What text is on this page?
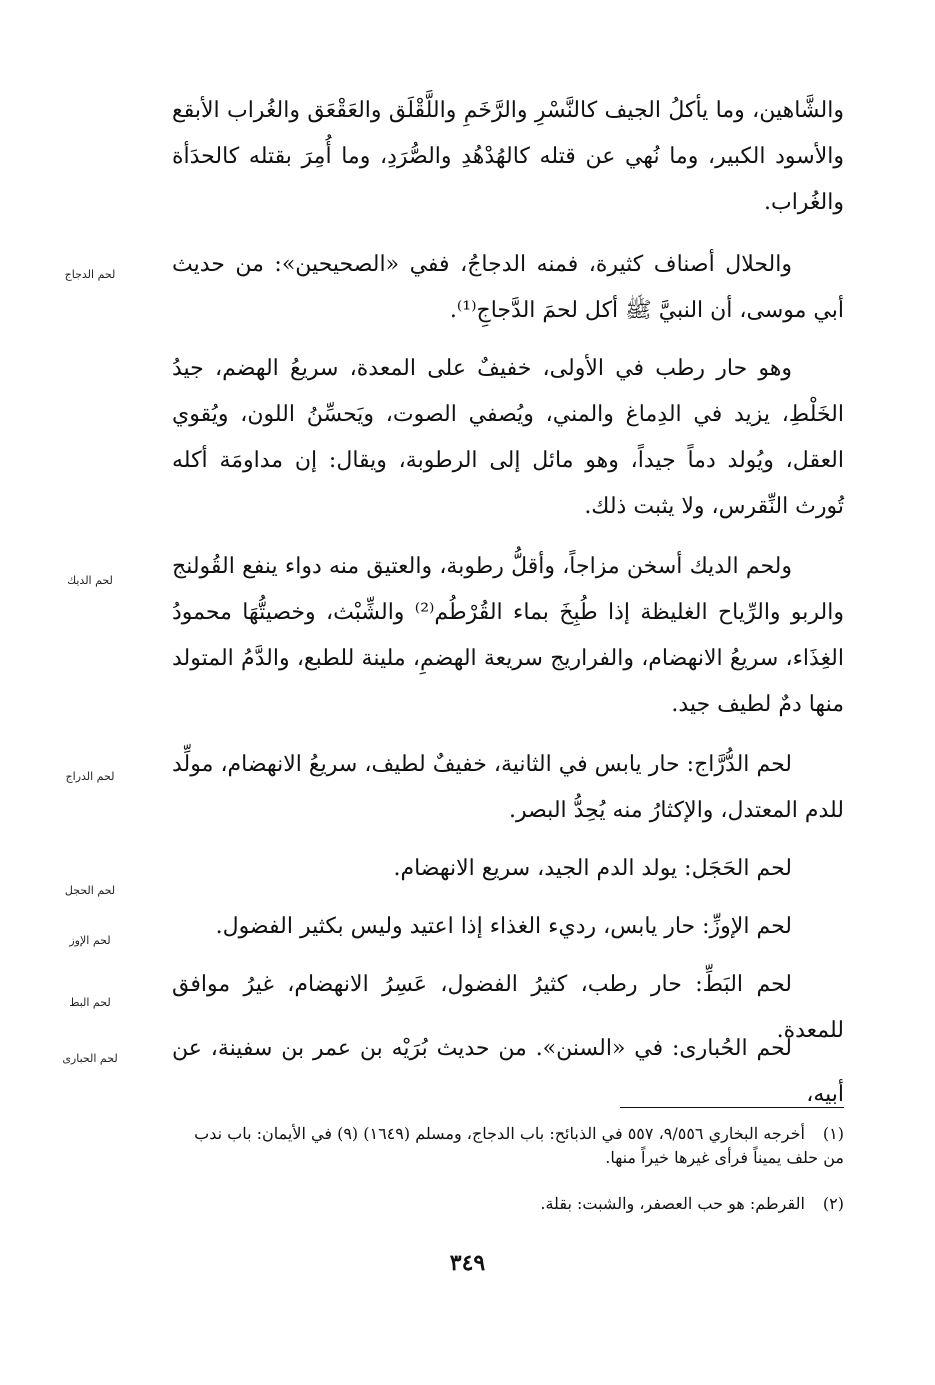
والشَّاهين، وما يأكلُ الجيف كالنَّسْرِ والرَّخَمِ واللَّقْلَق والعَقْعَق والغُراب الأبقع والأسود الكبير، وما نُهي عن قتله كالهُدْهُدِ والصُّرَدِ، وما أُمِرَ بقتله كالحدَأة والغُراب.

والحلال أصناف كثيرة، فمنه الدجاجُ، ففي «الصحيحين»: من حديث أبي موسى، أن النبيَّ ﷺ أكل لحمَ الدَّجاجِ⁽¹⁾.

لحم الدجاج

وهو حار رطب في الأولى، خفيفٌ على المعدة، سريعُ الهضم، جيدُ الخَلْطِ، يزيد في الدِماغ والمني، ويُصفي الصوت، ويَحسِّنُ اللون، ويُقوي العقل، ويُولد دماً جيداً، وهو مائل إلى الرطوبة، ويقال: إن مداومَة أكله تُورث النِّقرس، ولا يثبت ذلك.

ولحم الديك أسخن مزاجاً، وأقلُّ رطوبة، والعتيق منه دواء ينفع القُولنج والربو والرِّياح الغليظة إذا طُبِخَ بماء القُرْطُم⁽²⁾ والشِّبْث، وخصيتُّهَا محمودُ الغِذَاء، سريعُ الانهضام، والفراريج سريعة الهضمِ، ملينة للطبع، والدَّمُ المتولد منها دمٌ لطيف جيد.

لحم الديك

لحم الدُّرَّاج: حار يابس في الثانية، خفيفٌ لطيف، سريعُ الانهضام، مولِّد للدم المعتدل، والإكثارُ منه يُحِدُّ البصر.

لحم الدراج

لحم الحَجَل: يولد الدم الجيد، سريع الانهضام.

لحم الحجل

لحم الإوزِّ: حار يابس، رديء الغذاء إذا اعتيد وليس بكثير الفضول.

لحم الإوز

لحم البَطِّ: حار رطب، كثيرُ الفضول، عَسِرُ الانهضام، غيرُ موافق للمعدة.

لحم البط

لحم الحُبارى: في «السنن». من حديث بُرَيْه بن عمر بن سفينة، عن أبيه،

لحم الحبارى
(١) أخرجه البخاري ٩/٥٥٦، ٥٥٧ في الذبائح: باب الدجاج، ومسلم (١٦٤٩) (٩) في الأيمان: باب ندب من حلف يميناً فرأى غيرها خيراً منها.
(٢) القرطم: هو حب العصفر، والشبت: بقلة.
٣٤٩
